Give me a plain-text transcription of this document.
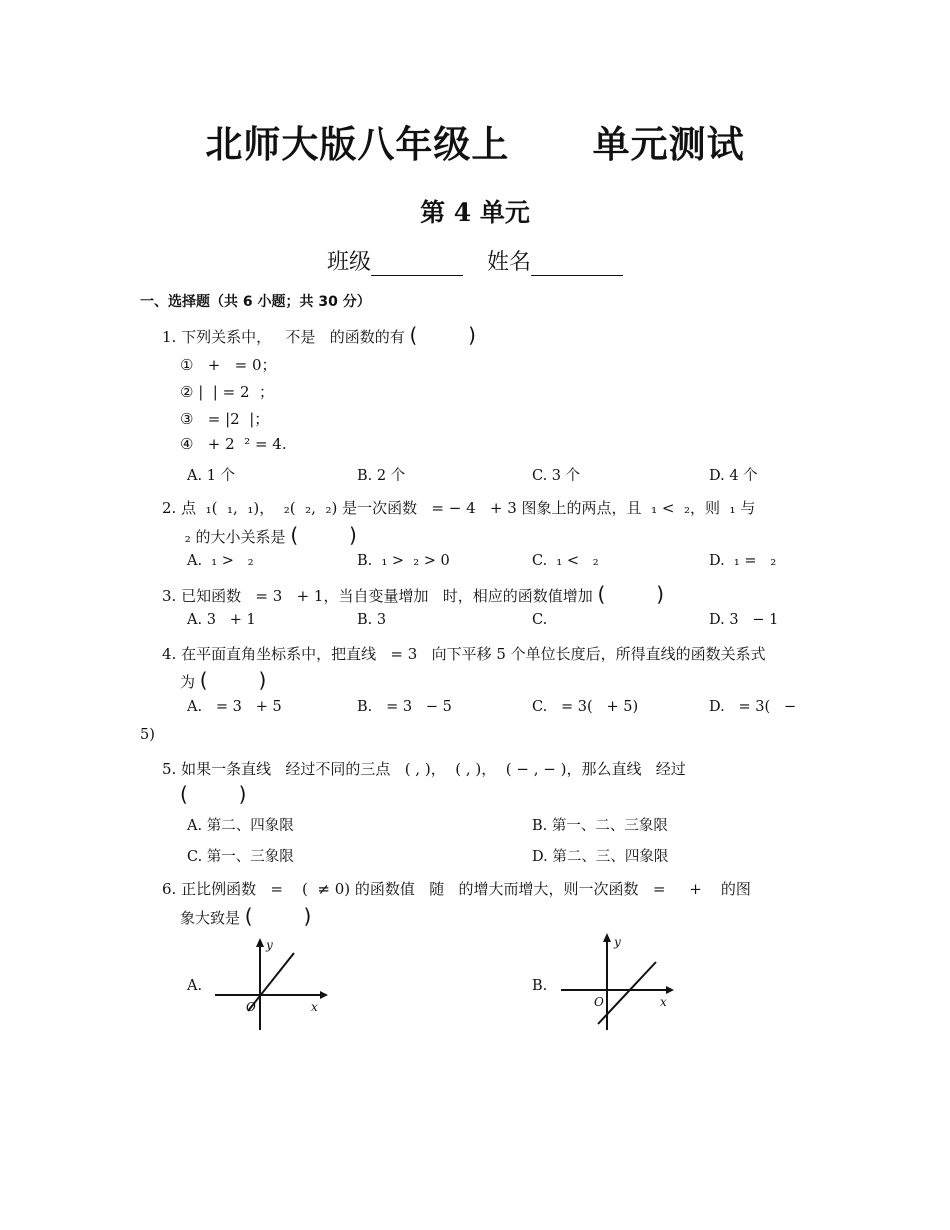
北师大版八年级上      单元测试
第 4 单元
班级	姓名
一、选择题（共 6 小题；共 30 分）
1. 下列关系中，   不是   的函数的有 (        )
①   +   = 0；
② |  | = 2  ；
③   = |2  |；
④   + 2  ² = 4.
A. 1 个	B. 2 个	C. 3 个	D. 4 个
2. 点  ₁(  ₁,  ₁)，  ₂(  ₂,  ₂) 是一次函数   = − 4   + 3 图象上的两点，且  ₁ <  ₂，则  ₁ 与
₂ 的大小关系是 (        )
A.  ₁ >   ₂	B.  ₁ >  ₂ > 0	C.  ₁ <   ₂	D.  ₁ =   ₂
3. 已知函数   = 3   + 1，当自变量增加   时，相应的函数值增加 (        )
A. 3   + 1	B. 3	C.	D. 3   − 1
4. 在平面直角坐标系中，把直线   = 3   向下平移 5 个单位长度后，所得直线的函数关系式
为 (        )
A.   = 3   + 5	B.   = 3   − 5	C.   = 3(   + 5)	D.   = 3(   −
5)
5. 如果一条直线   经过不同的三点   ( , )，  ( , )，  ( − , − )，那么直线   经过
(        )
A. 第二、四象限	B. 第一、二、三象限
C. 第一、三象限	D. 第二、三、四象限
6. 正比例函数   =    (  ≠ 0) 的函数值   随   的增大而增大，则一次函数   =     +    的图
象大致是 (        )
A.
y
x
O
B.
y
x
O
